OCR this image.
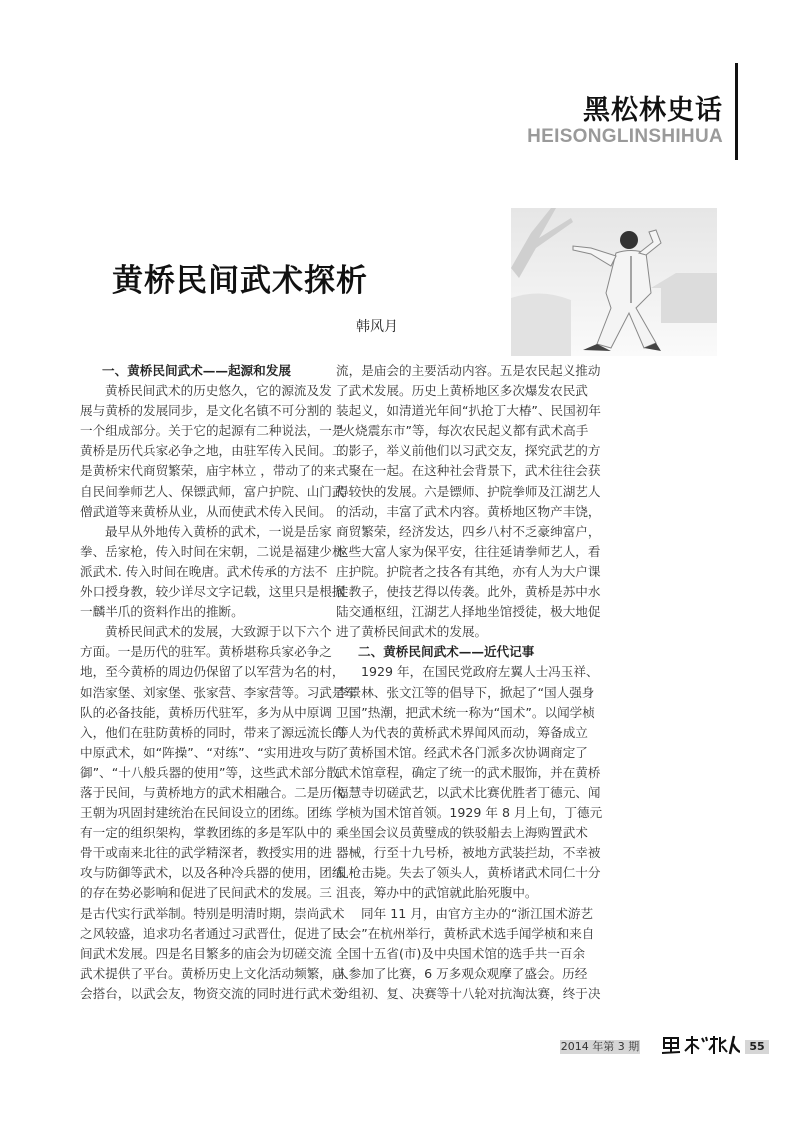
黑松林史话
HEISONGLINSHIHUA
黄桥民间武术探析
韩风月
一、黄桥民间武术——起源和发展
黄桥民间武术的历史悠久，它的源流及发
展与黄桥的发展同步，是文化名镇不可分割的
一个组成部分。关于它的起源有二种说法，一是
黄桥是历代兵家必争之地，由驻军传入民间。二
是黄桥宋代商贸繁荣，庙宇林立 ，带动了的来
自民间拳师艺人、保镖武师，富户护院、山门武
僧武道等来黄桥从业，从而使武术传入民间。
最早从外地传入黄桥的武术，一说是岳家
拳、岳家枪，传入时间在宋朝，二说是福建少林
派武术. 传入时间在晚唐。武术传承的方法不
外口授身教，较少详尽文字记载，这里只是根据
一麟半爪的资料作出的推断。
黄桥民间武术的发展，大致源于以下六个
方面。一是历代的驻军。黄桥堪称兵家必争之
地，至今黄桥的周边仍保留了以军营为名的村，
如浩家堡、刘家堡、张家营、李家营等。习武是军
队的必备技能，黄桥历代驻军，多为从中原调
入，他们在驻防黄桥的同时，带来了源远流长的
中原武术，如“阵操”、“对练”、“实用进攻与防
御”、“十八般兵器的使用”等，这些武术部分散
落于民间，与黄桥地方的武术相融合。二是历代
王朝为巩固封建统治在民间设立的团练。团练
有一定的组织架构，掌教团练的多是军队中的
骨干或南来北往的武学精深者，教授实用的进
攻与防御等武术，以及各种冷兵器的使用，团练
的存在势必影响和促进了民间武术的发展。三
是古代实行武举制。特别是明清时期，崇尚武术
之风较盛，追求功名者通过习武晋仕，促进了民
间武术发展。四是名目繁多的庙会为切磋交流
武术提供了平台。黄桥历史上文化活动频繁，庙
会搭台，以武会友，物资交流的同时进行武术交
流，是庙会的主要活动内容。五是农民起义推动
了武术发展。历史上黄桥地区多次爆发农民武
装起义，如清道光年间“扒抢丁大椿”、民国初年
“火烧震东市”等，每次农民起义都有武术高手
的影子，举义前他们以习武交友，探究武艺的方
式聚在一起。在这种社会背景下，武术往往会获
得较快的发展。六是镖师、护院拳师及江湖艺人
的活动，丰富了武术内容。黄桥地区物产丰饶，
商贸繁荣，经济发达，四乡八村不乏豪绅富户，
这些大富人家为保平安，往往延请拳师艺人，看
庄护院。护院者之技各有其绝，亦有人为大户课
徒教子，使技艺得以传袭。此外，黄桥是苏中水
陆交通枢纽，江湖艺人择地坐馆授徒，极大地促
进了黄桥民间武术的发展。
二、黄桥民间武术——近代记事
1929 年，在国民党政府左翼人士冯玉祥、
李景林、张文江等的倡导下，掀起了“国人强身
卫国”热潮，把武术统一称为“国术”。以闻学桢
等人为代表的黄桥武术界闻风而动，筹备成立
了黄桥国术馆。经武术各门派多次协调商定了
武术馆章程，确定了统一的武术服饰，并在黄桥
福慧寺切磋武艺，以武术比赛优胜者丁德元、闻
学桢为国术馆首领。1929 年 8 月上旬，丁德元
乘坐国会议员黄璧成的铁驳船去上海购置武术
器械，行至十九号桥，被地方武装拦劫，不幸被
乱枪击毙。失去了领头人，黄桥诸武术同仁十分
沮丧，筹办中的武馆就此胎死腹中。
同年 11 月，由官方主办的“浙江国术游艺
大会”在杭州举行，黄桥武术选手闻学桢和来自
全国十五省(市)及中央国术馆的选手共一百余
人参加了比赛，6 万多观众观摩了盛会。历经
分组初、复、决赛等十八轮对抗淘汰赛，终于决
2014 年第 3 期	55
